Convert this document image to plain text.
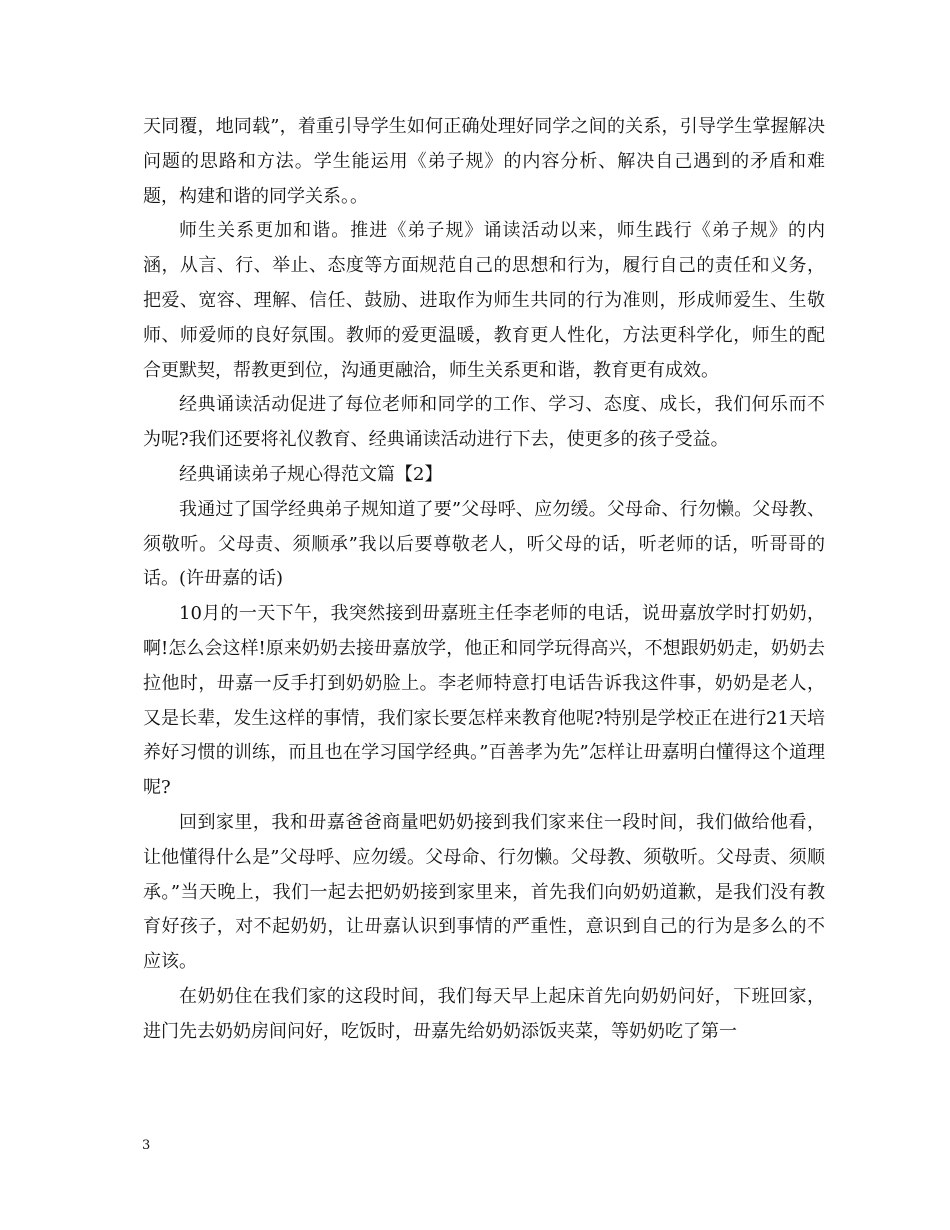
天同覆，地同载”，着重引导学生如何正确处理好同学之间的关系，引导学生掌握解决问题的思路和方法。学生能运用《弟子规》的内容分析、解决自己遇到的矛盾和难题，构建和谐的同学关系。。

师生关系更加和谐。推进《弟子规》诵读活动以来，师生践行《弟子规》的内涵，从言、行、举止、态度等方面规范自己的思想和行为，履行自己的责任和义务，把爱、宽容、理解、信任、鼓励、进取作为师生共同的行为准则，形成师爱生、生敬师、师爱师的良好氛围。教师的爱更温暖，教育更人性化，方法更科学化，师生的配合更默契，帮教更到位，沟通更融洽，师生关系更和谐，教育更有成效。

经典诵读活动促进了每位老师和同学的工作、学习、态度、成长，我们何乐而不为呢?我们还要将礼仪教育、经典诵读活动进行下去，使更多的孩子受益。

经典诵读弟子规心得范文篇【2】

我通过了国学经典弟子规知道了要”父母呼、应勿缓。父母命、行勿懒。父母教、须敬听。父母责、须顺承”我以后要尊敬老人，听父母的话，听老师的话，听哥哥的话。(许毌嘉的话)

10月的一天下午，我突然接到毌嘉班主任李老师的电话，说毌嘉放学时打奶奶，啊!怎么会这样!原来奶奶去接毌嘉放学，他正和同学玩得高兴，不想跟奶奶走，奶奶去拉他时，毌嘉一反手打到奶奶脸上。李老师特意打电话告诉我这件事，奶奶是老人，又是长辈，发生这样的事情，我们家长要怎样来教育他呢?特别是学校正在进行21天培养好习惯的训练，而且也在学习国学经典。”百善孝为先”怎样让毌嘉明白懂得这个道理呢?

回到家里，我和毌嘉爸爸商量吧奶奶接到我们家来住一段时间，我们做给他看，让他懂得什么是”父母呼、应勿缓。父母命、行勿懒。父母教、须敬听。父母责、须顺承。”当天晚上，我们一起去把奶奶接到家里来，首先我们向奶奶道歉，是我们没有教育好孩子，对不起奶奶，让毌嘉认识到事情的严重性，意识到自己的行为是多么的不应该。

在奶奶住在我们家的这段时间，我们每天早上起床首先向奶奶问好，下班回家，进门先去奶奶房间问好，吃饭时，毌嘉先给奶奶添饭夹菜，等奶奶吃了第一

3
